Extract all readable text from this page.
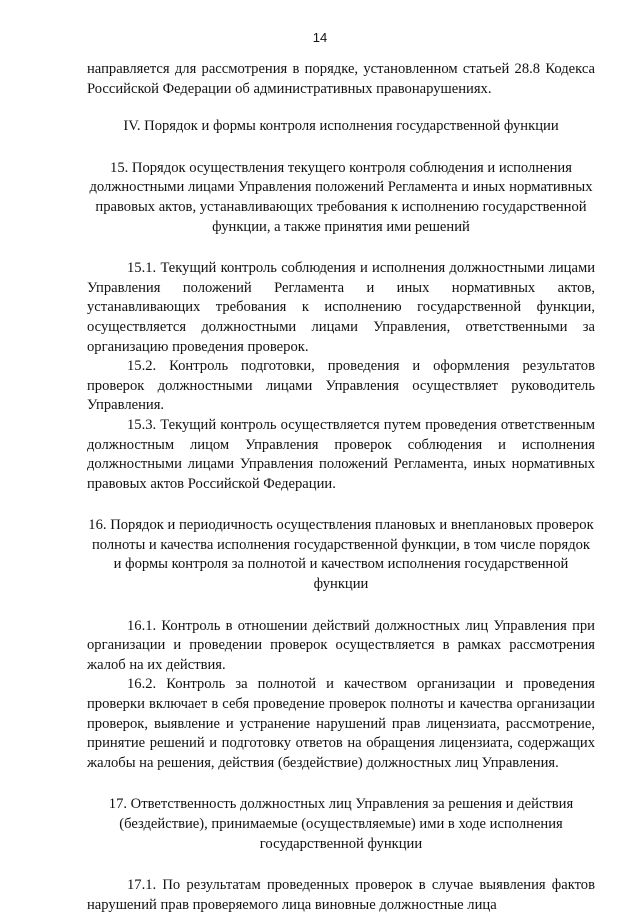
14

направляется для рассмотрения в порядке, установленном статьей 28.8 Кодекса Российской Федерации об административных правонарушениях.

IV. Порядок и формы контроля исполнения государственной функции

15. Порядок осуществления текущего контроля соблюдения и исполнения должностными лицами Управления положений Регламента и иных нормативных правовых актов, устанавливающих требования к исполнению государственной функции, а также принятия ими решений

15.1. Текущий контроль соблюдения и исполнения должностными лицами Управления положений Регламента и иных нормативных актов, устанавливающих требования к исполнению государственной функции, осуществляется должностными лицами Управления, ответственными за организацию проведения проверок.

15.2. Контроль подготовки, проведения и оформления результатов проверок должностными лицами Управления осуществляет руководитель Управления.

15.3. Текущий контроль осуществляется путем проведения ответственным должностным лицом Управления проверок соблюдения и исполнения должностными лицами Управления положений Регламента, иных нормативных правовых актов Российской Федерации.

16. Порядок и периодичность осуществления плановых и внеплановых проверок полноты и качества исполнения государственной функции, в том числе порядок и формы контроля за полнотой и качеством исполнения государственной функции

16.1. Контроль в отношении действий должностных лиц Управления при организации и проведении проверок осуществляется в рамках рассмотрения жалоб на их действия.

16.2. Контроль за полнотой и качеством организации и проведения проверки включает в себя проведение проверок полноты и качества организации проверок, выявление и устранение нарушений прав лицензиата, рассмотрение, принятие решений и подготовку ответов на обращения лицензиата, содержащих жалобы на решения, действия (бездействие) должностных лиц Управления.

17. Ответственность должностных лиц Управления за решения и действия (бездействие), принимаемые (осуществляемые) ими в ходе исполнения государственной функции

17.1. По результатам проведенных проверок в случае выявления фактов нарушений прав проверяемого лица виновные должностные лица
